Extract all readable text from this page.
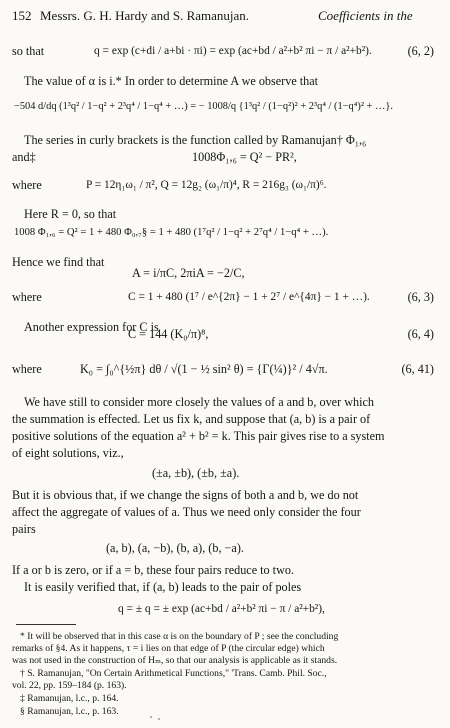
152 Messrs. G. H. Hardy and S. Ramanujan.	Coefficients in the
so that	q = exp (c+di / a+bi · πi) = exp (ac+bd / a²+b² πi − π / a²+b²).	(6, 2)
The value of α is i.* In order to determine A we observe that
−504 d/dq (1³q² / 1−q² + 2³q⁴ / 1−q⁴ + …) = − 1008/q {1³q² / (1−q²)² + 2³q⁴ / (1−q⁴)² + …}.
The series in curly brackets is the function called by Ramanujan† Φ₁,₆
and‡	1008Φ₁,₆ = Q² − PR²,
where	P = 12η₁ω₁ / π², Q = 12g₂ (ω₁/π)⁴, R = 216g₃ (ω₁/π)⁶.
Here R = 0, so that
1008 Φ₁,₆ = Q² = 1 + 480 Φ₀,₇§ = 1 + 480 (1⁷q² / 1−q² + 2⁷q⁴ / 1−q⁴ + …).
Hence we find that
A = i/πC, 2πiA = −2/C,
where	C = 1 + 480 (1⁷ / e^{2π} − 1 + 2⁷ / e^{4π} − 1 + …).	(6, 3)
Another expression for C is
C = 144 (K₀/π)⁸,	(6, 4)
where	K₀ = ∫₀^{½π} dθ / √(1 − ½ sin² θ) = {Γ(¼)}² / 4√π.	(6, 41)
We have still to consider more closely the values of a and b, over which
the summation is effected. Let us fix k, and suppose that (a, b) is a pair of
positive solutions of the equation a² + b² = k. This pair gives rise to a system
of eight solutions, viz.,
(±a, ±b), (±b, ±a).
But it is obvious that, if we change the signs of both a and b, we do not
affect the aggregate of values of a. Thus we need only consider the four
pairs
(a, b), (a, −b), (b, a), (b, −a).
If a or b is zero, or if a = b, these four pairs reduce to two.
It is easily verified that, if (a, b) leads to the pair of poles
q = ± q = ± exp (ac+bd / a²+b² πi − π / a²+b²),
* It will be observed that in this case α is on the boundary of P ; see the concluding
remarks of §4. As it happens, τ = i lies on that edge of P (the circular edge) which
was not used in the construction of Hₘ, so that our analysis is applicable as it stands.
† S. Ramanujan, "On Certain Arithmetical Functions," 'Trans. Camb. Phil. Soc.,
vol. 22, pp. 159–184 (p. 163).
‡ Ramanujan, l.c., p. 164.
§ Ramanujan, l.c., p. 163.
